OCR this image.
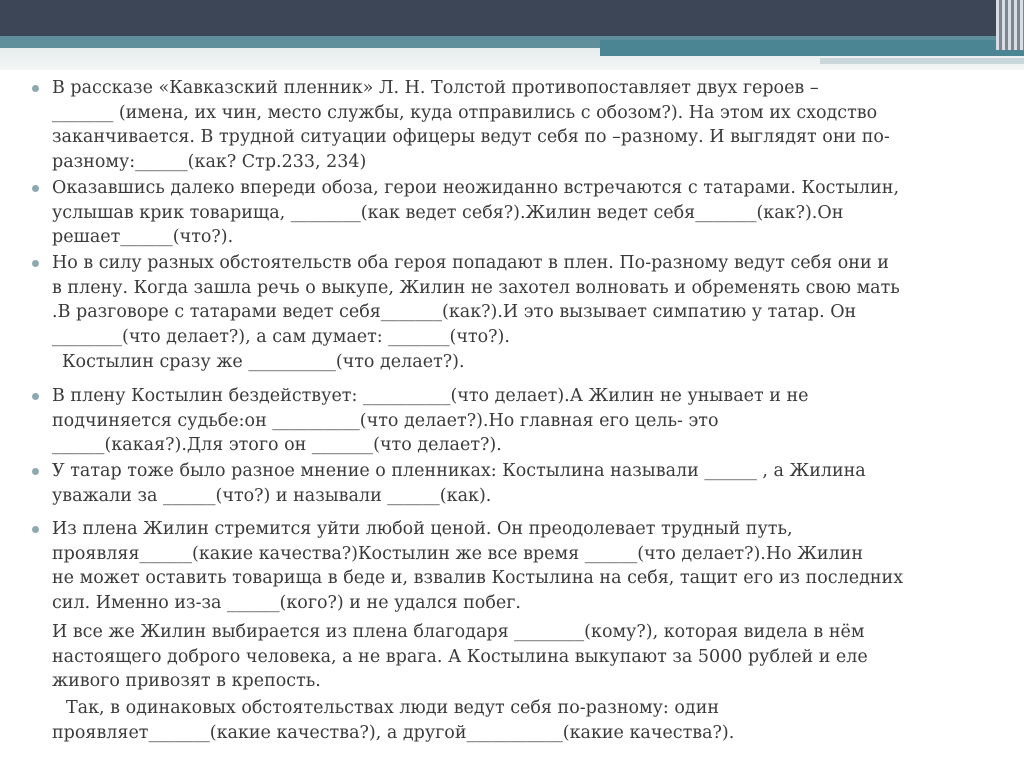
В рассказе «Кавказский пленник» Л. Н. Толстой противопоставляет двух героев –
_______ (имена, их чин, место службы, куда отправились с обозом?). На этом их сходство
заканчивается. В трудной ситуации офицеры ведут себя по –разному. И выглядят они по-
разному:______(как? Стр.233, 234)

Оказавшись далеко впереди обоза, герои неожиданно встречаются с татарами. Костылин,
услышав крик товарища, ________(как ведет себя?).Жилин ведет себя_______(как?).Он
решает______(что?).

Но в силу разных обстоятельств оба героя попадают в плен. По-разному ведут себя они и
в плену. Когда зашла речь о выкупе, Жилин не захотел волновать и обременять свою мать
.В разговоре с татарами ведет себя_______(как?).И это вызывает симпатию у татар. Он
________(что делает?), а сам думает: _______(что?).

Костылин сразу же __________(что делает?).

В плену Костылин бездействует: __________(что делает).А Жилин не унывает и не
подчиняется судьбе:он __________(что делает?).Но главная его цель- это
______(какая?).Для этого он _______(что делает?).

У татар тоже было разное мнение о пленниках: Костылина называли ______ , а Жилина
уважали за ______(что?) и называли ______(как).

Из плена Жилин стремится уйти любой ценой. Он преодолевает трудный путь,
проявляя______(какие качества?)Костылин же все время ______(что делает?).Но Жилин
не может оставить товарища в беде и, взвалив Костылина на себя, тащит его из последних
сил. Именно из-за ______(кого?) и не удался побег.

И все же Жилин выбирается из плена благодаря ________(кому?), которая видела в нём
настоящего доброго человека, а не врага. А Костылина выкупают за 5000 рублей и еле
живого привозят в крепость.

Так, в одинаковых обстоятельствах люди ведут себя по-разному: один
проявляет_______(какие качества?), а другой___________(какие качества?).
